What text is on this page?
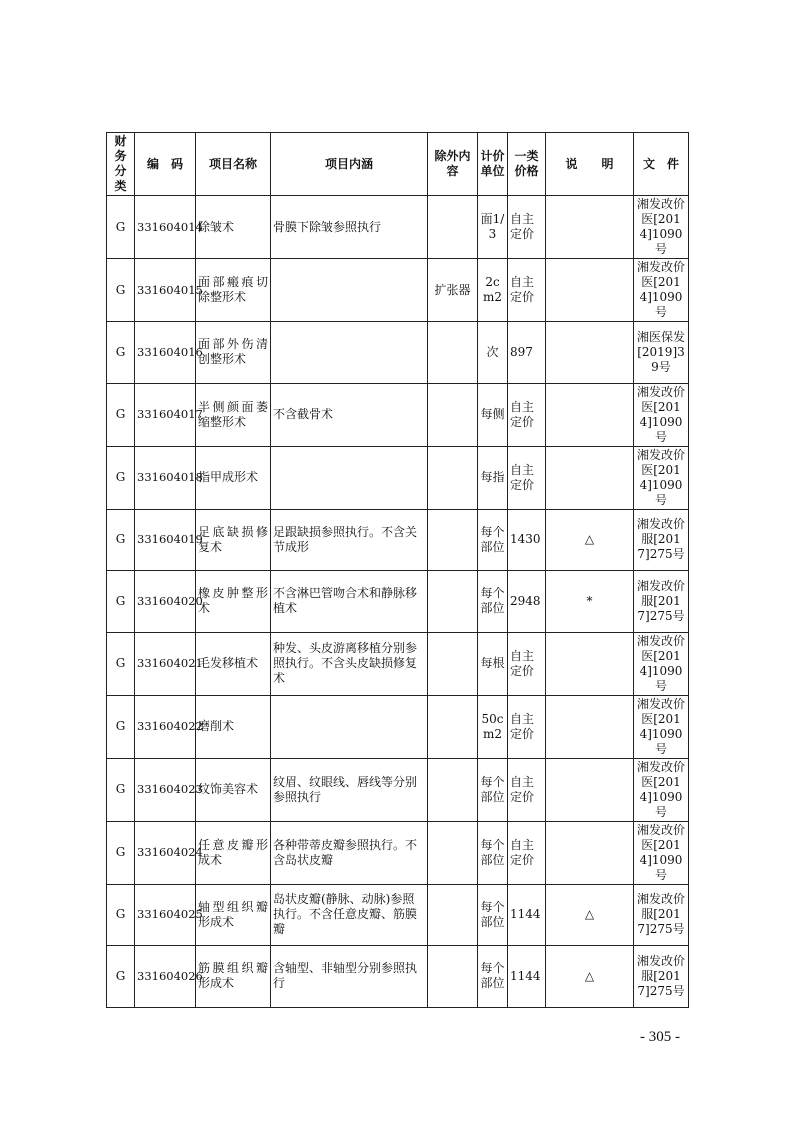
财务分类	编　码	项目名称	项目内涵	除外内容	计价单位	一类价格	说　　明	文　件
G	331604014	除皱术	骨膜下除皱参照执行		面1/3	自主定价		湘发改价医[2014]1090号
G	331604015	面部瘢痕切除整形术		扩张器	2cm2	自主定价		湘发改价医[2014]1090号
G	331604016	面部外伤清创整形术			次	897		湘医保发[2019]39号
G	331604017	半侧颜面萎缩整形术	不含截骨术		每侧	自主定价		湘发改价医[2014]1090号
G	331604018	指甲成形术			每指	自主定价		湘发改价医[2014]1090号
G	331604019	足底缺损修复术	足跟缺损参照执行。不含关节成形		每个部位	1430	△	湘发改价服[2017]275号
G	331604020	橡皮肿整形术	不含淋巴管吻合术和静脉移植术		每个部位	2948	*	湘发改价服[2017]275号
G	331604021	毛发移植术	种发、头皮游离移植分别参照执行。不含头皮缺损修复术		每根	自主定价		湘发改价医[2014]1090号
G	331604022	磨削术			50cm2	自主定价		湘发改价医[2014]1090号
G	331604023	纹饰美容术	纹眉、纹眼线、唇线等分别参照执行		每个部位	自主定价		湘发改价医[2014]1090号
G	331604024	任意皮瓣形成术	各种带蒂皮瓣参照执行。不含岛状皮瓣		每个部位	自主定价		湘发改价医[2014]1090号
G	331604025	轴型组织瓣形成术	岛状皮瓣(静脉、动脉)参照执行。不含任意皮瓣、筋膜瓣		每个部位	1144	△	湘发改价服[2017]275号
G	331604026	筋膜组织瓣形成术	含轴型、非轴型分别参照执行		每个部位	1144	△	湘发改价服[2017]275号
- 305 -
